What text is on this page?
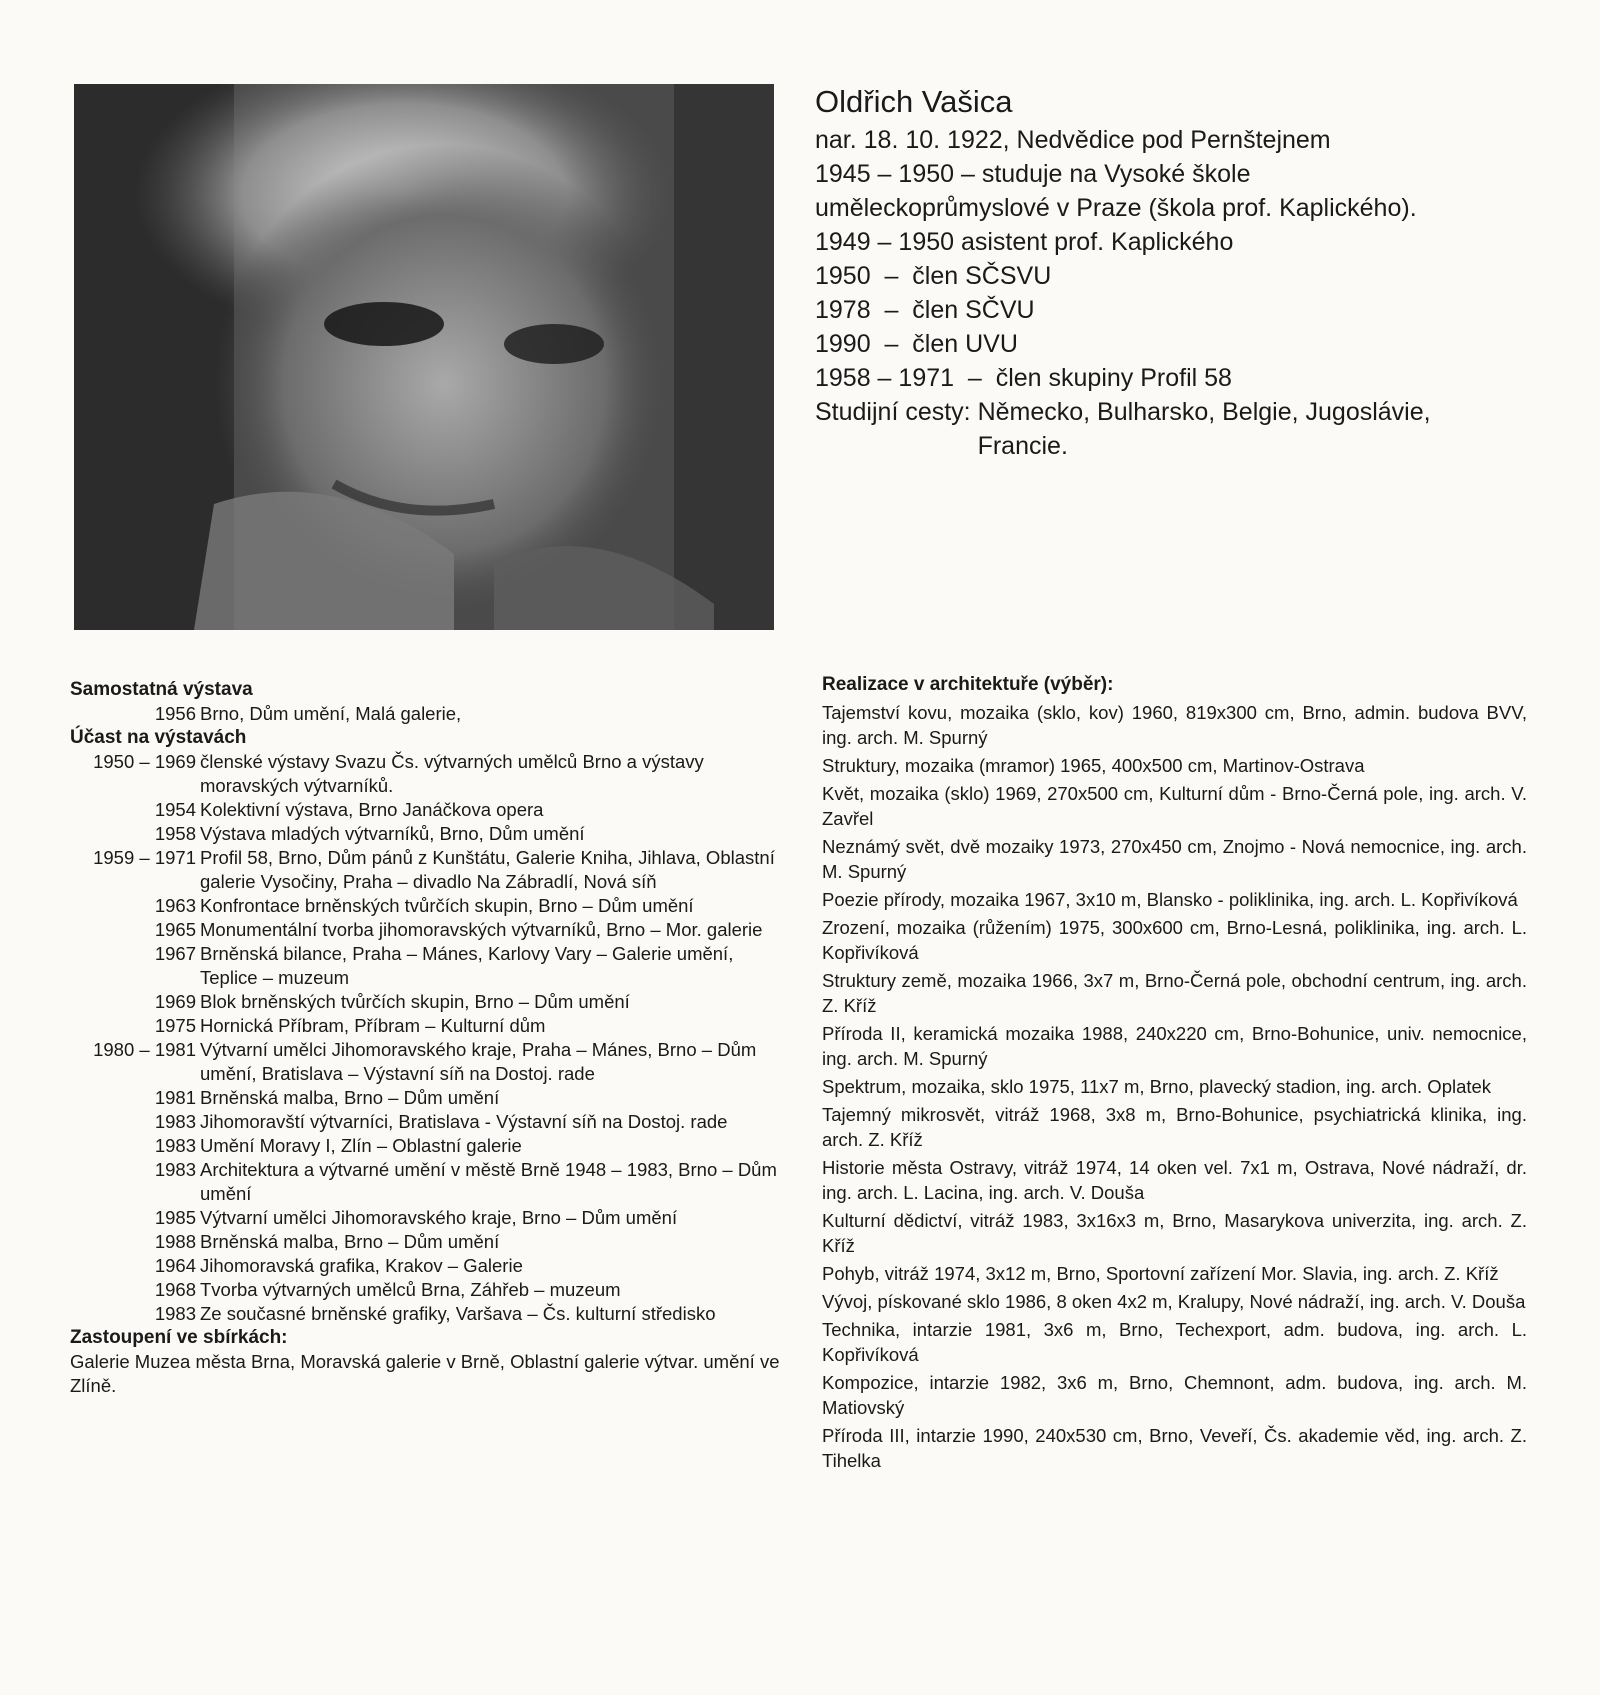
Oldřich Vašica
nar. 18. 10. 1922, Nedvědice pod Pernštejnem
1945 – 1950 – studuje na Vysoké škole
uměleckoprůmyslové v Praze (škola prof. Kaplického).
1949 – 1950 asistent prof. Kaplického
1950 –  člen SČSVU
1978 –  člen SČVU
1990 –  člen UVU
1958 – 1971 –  člen skupiny Profil 58
Studijní cesty: Německo, Bulharsko, Belgie, Jugoslávie, Francie.
Samostatná výstava
1956 Brno, Dům umění, Malá galerie,
Účast na výstavách
1950 – 1969 členské výstavy Svazu Čs. výtvarných umělců Brno a výstavy moravských výtvarníků.
1954 Kolektivní výstava, Brno Janáčkova opera
1958 Výstava mladých výtvarníků, Brno, Dům umění
1959 – 1971 Profil 58, Brno, Dům pánů z Kunštátu, Galerie Kniha, Jihlava, Oblastní galerie Vysočiny, Praha – divadlo Na Zábradlí, Nová síň
1963 Konfrontace brněnských tvůrčích skupin, Brno – Dům umění
1965 Monumentální tvorba jihomoravských výtvarníků, Brno – Mor. galerie
1967 Brněnská bilance, Praha – Mánes, Karlovy Vary – Galerie umění, Teplice – muzeum
1969 Blok brněnských tvůrčích skupin, Brno – Dům umění
1975 Hornická Příbram, Příbram – Kulturní dům
1980 – 1981 Výtvarní umělci Jihomoravského kraje, Praha – Mánes, Brno – Dům umění, Bratislava – Výstavní síň na Dostoj. rade
1981 Brněnská malba, Brno – Dům umění
1983 Jihomoravští výtvarníci, Bratislava - Výstavní síň na Dostoj. rade
1983 Umění Moravy I, Zlín – Oblastní galerie
1983 Architektura a výtvarné umění v městě Brně 1948 – 1983, Brno – Dům umění
1985 Výtvarní umělci Jihomoravského kraje, Brno – Dům umění
1988 Brněnská malba, Brno – Dům umění
1964 Jihomoravská grafika, Krakov – Galerie
1968 Tvorba výtvarných umělců Brna, Záhřeb – muzeum
1983 Ze současné brněnské grafiky, Varšava – Čs. kulturní středisko
Zastoupení ve sbírkách:
Galerie Muzea města Brna, Moravská galerie v Brně, Oblastní galerie výtvar. umění ve Zlíně.
Realizace v architektuře (výběr):
Tajemství kovu, mozaika (sklo, kov) 1960, 819x300 cm, Brno, admin. budova BVV, ing. arch. M. Spurný
Struktury, mozaika (mramor) 1965, 400x500 cm, Martinov-Ostrava
Květ, mozaika (sklo) 1969, 270x500 cm, Kulturní dům - Brno-Černá pole, ing. arch. V. Zavřel
Neznámý svět, dvě mozaiky 1973, 270x450 cm, Znojmo - Nová nemocnice, ing. arch. M. Spurný
Poezie přírody, mozaika 1967, 3x10 m, Blansko - poliklinika, ing. arch. L. Kopřivíková
Zrození, mozaika (růžením) 1975, 300x600 cm, Brno-Lesná, poliklinika, ing. arch. L. Kopřivíková
Struktury země, mozaika 1966, 3x7 m, Brno-Černá pole, obchodní centrum, ing. arch. Z. Kříž
Příroda II, keramická mozaika 1988, 240x220 cm, Brno-Bohunice, univ. nemocnice, ing. arch. M. Spurný
Spektrum, mozaika, sklo 1975, 11x7 m, Brno, plavecký stadion, ing. arch. Oplatek
Tajemný mikrosvět, vitráž 1968, 3x8 m, Brno-Bohunice, psychiatrická klinika, ing. arch. Z. Kříž
Historie města Ostravy, vitráž 1974, 14 oken vel. 7x1 m, Ostrava, Nové nádraží, dr. ing. arch. L. Lacina, ing. arch. V. Douša
Kulturní dědictví, vitráž 1983, 3x16x3 m, Brno, Masarykova univerzita, ing. arch. Z. Kříž
Pohyb, vitráž 1974, 3x12 m, Brno, Sportovní zařízení Mor. Slavia, ing. arch. Z. Kříž
Vývoj, pískované sklo 1986, 8 oken 4x2 m, Kralupy, Nové nádraží, ing. arch. V. Douša
Technika, intarzie 1981, 3x6 m, Brno, Techexport, adm. budova, ing. arch. L. Kopřivíková
Kompozice, intarzie 1982, 3x6 m, Brno, Chemnont, adm. budova, ing. arch. M. Matiovský
Příroda III, intarzie 1990, 240x530 cm, Brno, Veveří, Čs. akademie věd, ing. arch. Z. Tihelka
